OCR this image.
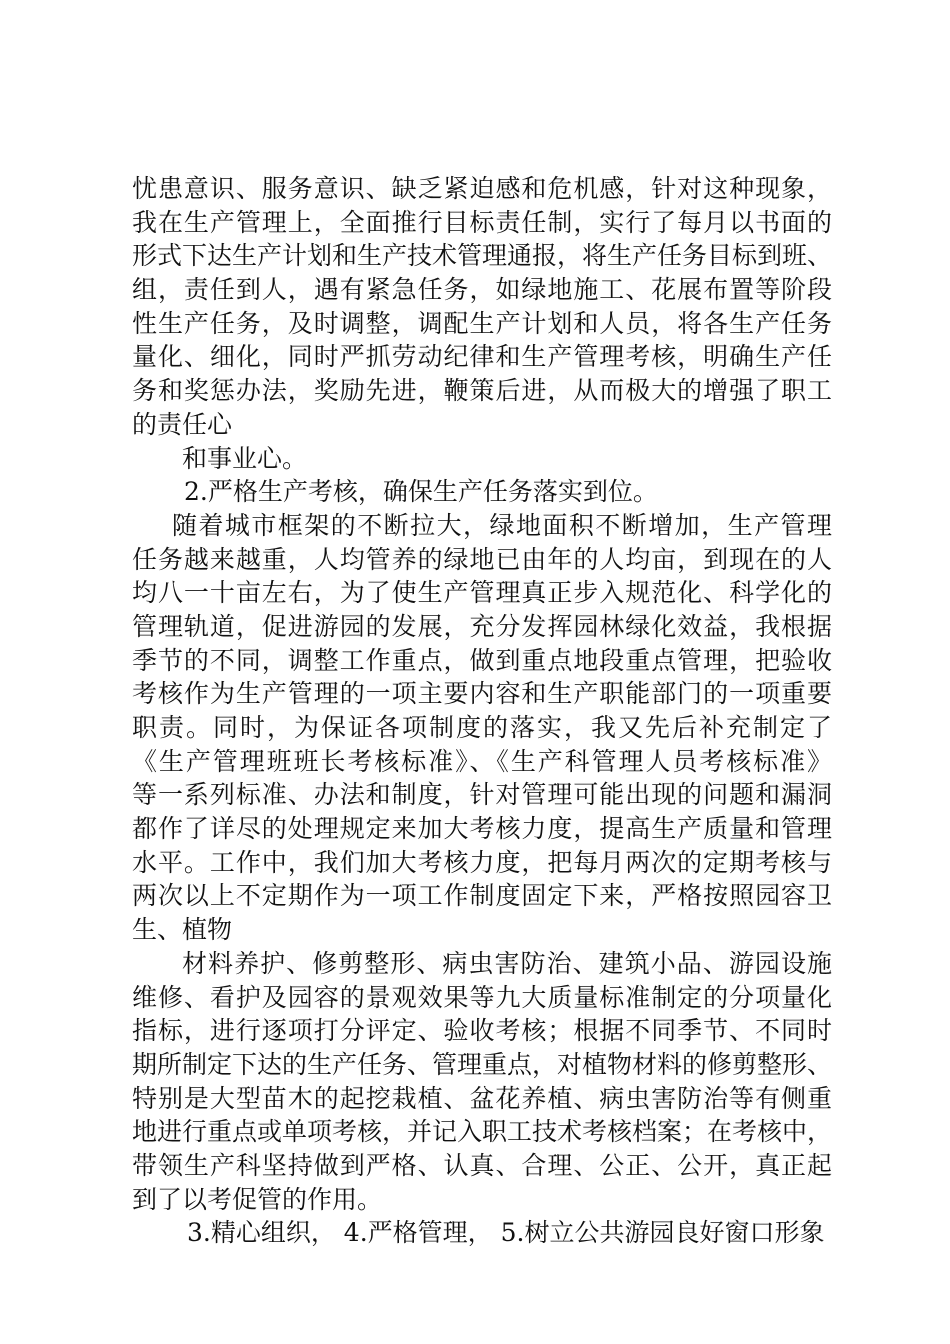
忧患意识、服务意识、缺乏紧迫感和危机感，针对这种现象，
我在生产管理上，全面推行目标责任制，实行了每月以书面的
形式下达生产计划和生产技术管理通报，将生产任务目标到班、
组，责任到人，遇有紧急任务，如绿地施工、花展布置等阶段
性生产任务，及时调整，调配生产计划和人员，将各生产任务
量化、细化，同时严抓劳动纪律和生产管理考核，明确生产任
务和奖惩办法，奖励先进，鞭策后进，从而极大的增强了职工
的责任心
和事业心。
2.严格生产考核，确保生产任务落实到位。
随着城市框架的不断拉大，绿地面积不断增加，生产管理
任务越来越重，人均管养的绿地已由年的人均亩，到现在的人
均八一十亩左右，为了使生产管理真正步入规范化、科学化的
管理轨道，促进游园的发展，充分发挥园林绿化效益，我根据
季节的不同，调整工作重点，做到重点地段重点管理，把验收
考核作为生产管理的一项主要内容和生产职能部门的一项重要
职责。同时，为保证各项制度的落实，我又先后补充制定了
《生产管理班班长考核标准》、《生产科管理人员考核标准》
等一系列标准、办法和制度，针对管理可能出现的问题和漏洞
都作了详尽的处理规定来加大考核力度，提高生产质量和管理
水平。工作中，我们加大考核力度，把每月两次的定期考核与
两次以上不定期作为一项工作制度固定下来，严格按照园容卫
生、植物
材料养护、修剪整形、病虫害防治、建筑小品、游园设施
维修、看护及园容的景观效果等九大质量标准制定的分项量化
指标，进行逐项打分评定、验收考核；根据不同季节、不同时
期所制定下达的生产任务、管理重点，对植物材料的修剪整形、
特别是大型苗木的起挖栽植、盆花养植、病虫害防治等有侧重
地进行重点或单项考核，并记入职工技术考核档案；在考核中，
带领生产科坚持做到严格、认真、合理、公正、公开，真正起
到了以考促管的作用。
3.精心组织， 4.严格管理， 5.树立公共游园良好窗口形象
